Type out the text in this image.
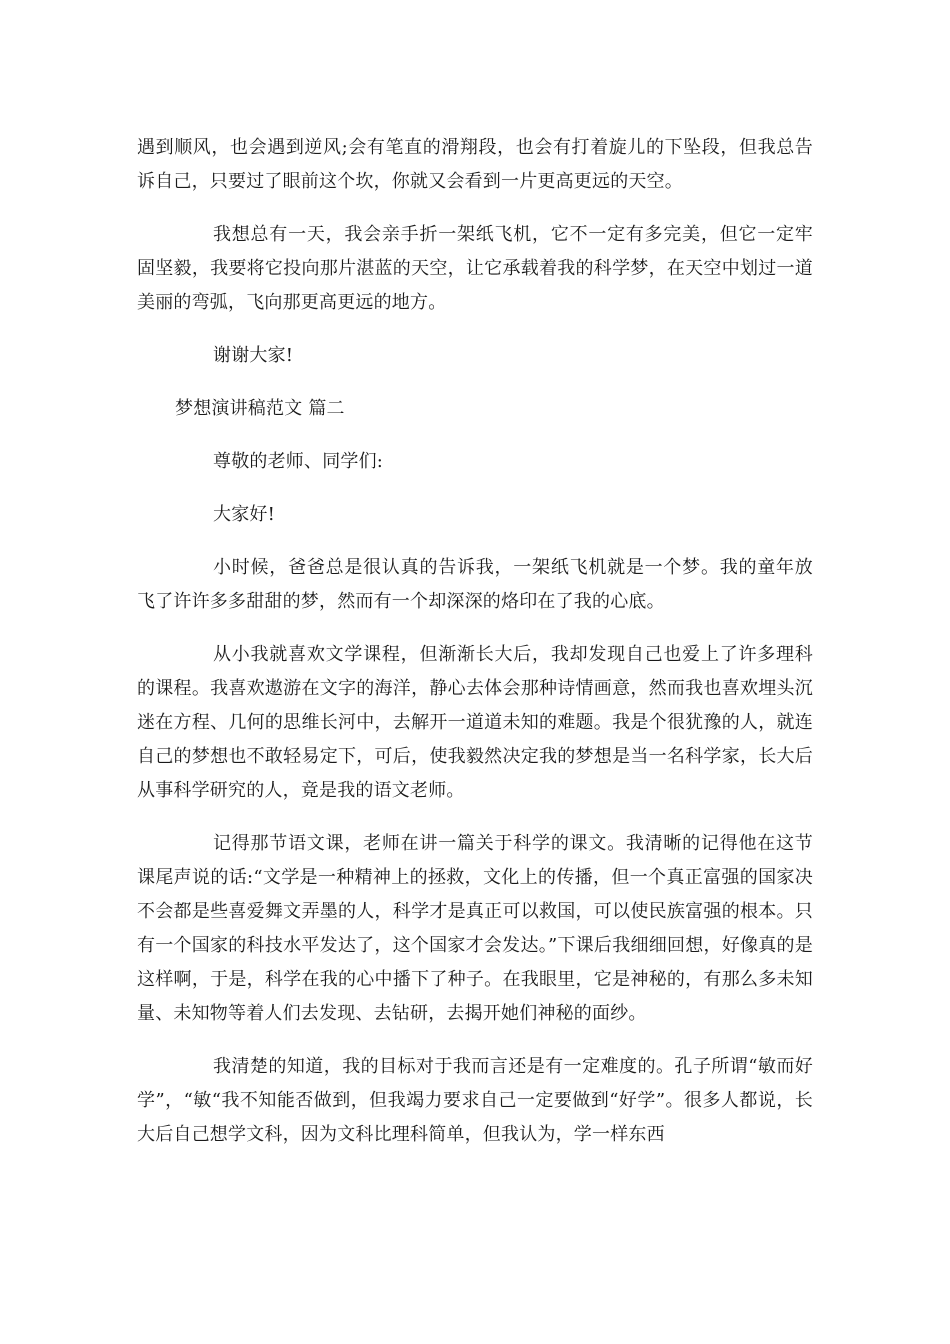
遇到顺风，也会遇到逆风;会有笔直的滑翔段，也会有打着旋儿的下坠段，但我总告诉自己，只要过了眼前这个坎，你就又会看到一片更高更远的天空。

我想总有一天，我会亲手折一架纸飞机，它不一定有多完美，但它一定牢固坚毅，我要将它投向那片湛蓝的天空，让它承载着我的科学梦，在天空中划过一道美丽的弯弧，飞向那更高更远的地方。

谢谢大家!

梦想演讲稿范文 篇二

尊敬的老师、同学们:

大家好!

小时候，爸爸总是很认真的告诉我，一架纸飞机就是一个梦。我的童年放飞了许许多多甜甜的梦，然而有一个却深深的烙印在了我的心底。

从小我就喜欢文学课程，但渐渐长大后，我却发现自己也爱上了许多理科的课程。我喜欢遨游在文字的海洋，静心去体会那种诗情画意，然而我也喜欢埋头沉迷在方程、几何的思维长河中，去解开一道道未知的难题。我是个很犹豫的人，就连自己的梦想也不敢轻易定下，可后，使我毅然决定我的梦想是当一名科学家，长大后从事科学研究的人，竟是我的语文老师。

记得那节语文课，老师在讲一篇关于科学的课文。我清晰的记得他在这节课尾声说的话:“文学是一种精神上的拯救，文化上的传播，但一个真正富强的国家决不会都是些喜爱舞文弄墨的人，科学才是真正可以救国，可以使民族富强的根本。只有一个国家的科技水平发达了，这个国家才会发达。”下课后我细细回想，好像真的是这样啊，于是，科学在我的心中播下了种子。在我眼里，它是神秘的，有那么多未知量、未知物等着人们去发现、去钻研，去揭开她们神秘的面纱。

我清楚的知道，我的目标对于我而言还是有一定难度的。孔子所谓“敏而好学”，“敏“我不知能否做到，但我竭力要求自己一定要做到“好学”。很多人都说，长大后自己想学文科，因为文科比理科简单，但我认为，学一样东西
